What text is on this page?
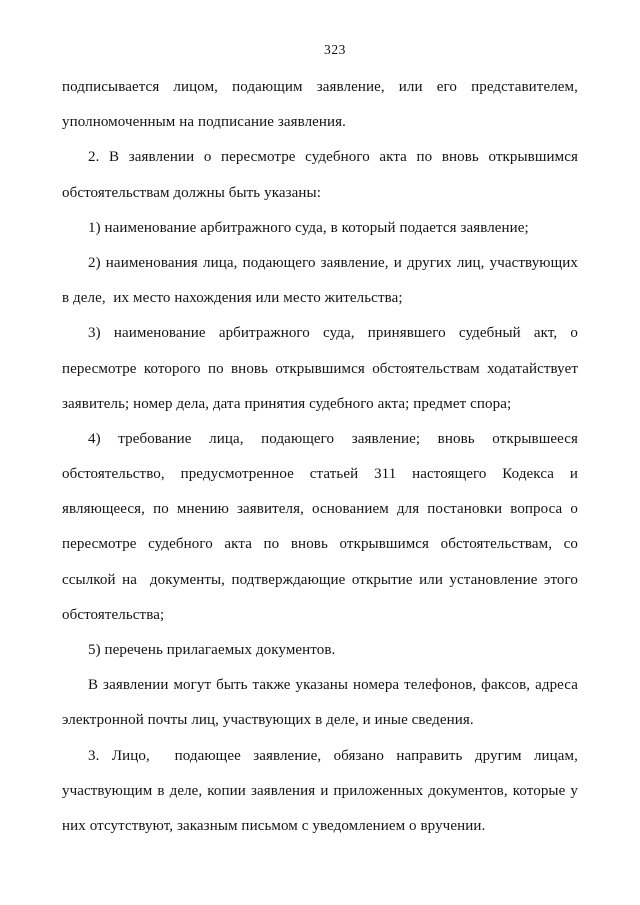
323
подписывается лицом, подающим заявление, или его представителем,
уполномоченным на подписание заявления.
2. В заявлении о пересмотре судебного акта по вновь открывшимся
обстоятельствам должны быть указаны:
1) наименование арбитражного суда, в который подается заявление;
2) наименования лица, подающего заявление, и других лиц, участвующих
в деле,  их место нахождения или место жительства;
3) наименование арбитражного суда, принявшего судебный акт, о
пересмотре которого по вновь открывшимся обстоятельствам ходатайствует
заявитель; номер дела, дата принятия судебного акта; предмет спора;
4) требование лица, подающего заявление; вновь открывшееся
обстоятельство, предусмотренное статьей 311 настоящего Кодекса и
являющееся, по мнению заявителя, основанием для постановки вопроса о
пересмотре судебного акта по вновь открывшимся обстоятельствам, со
ссылкой на  документы, подтверждающие открытие или установление этого
обстоятельства;
5) перечень прилагаемых документов.
В заявлении могут быть также указаны номера телефонов, факсов, адреса
электронной почты лиц, участвующих в деле, и иные сведения.
3. Лицо,  подающее заявление, обязано направить другим лицам,
участвующим в деле, копии заявления и приложенных документов, которые у
них отсутствуют, заказным письмом с уведомлением о вручении.
